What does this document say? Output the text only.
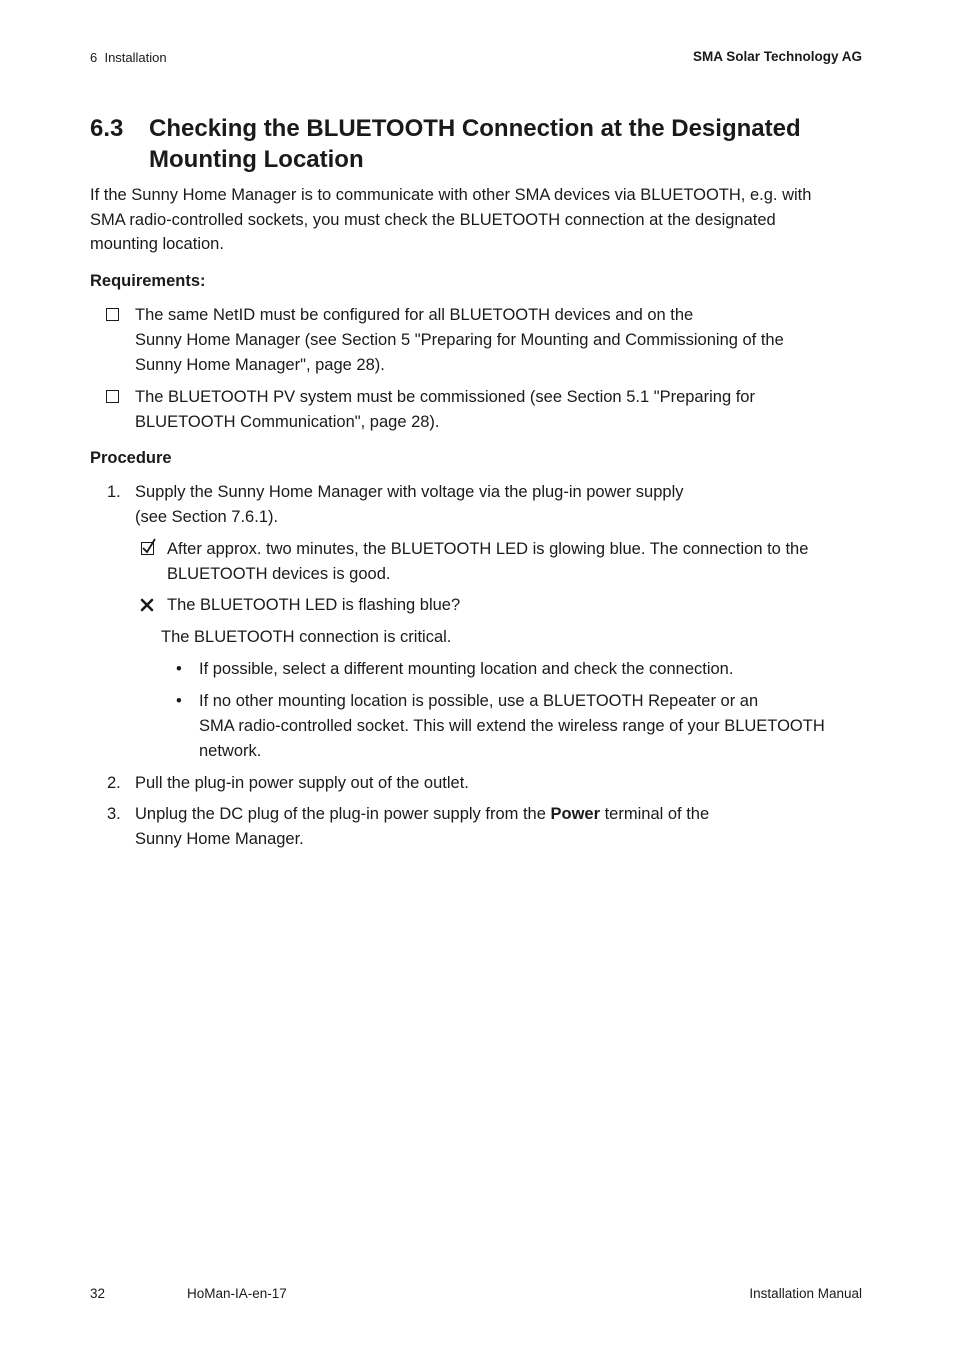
6  Installation	SMA Solar Technology AG
6.3 Checking the BLUETOOTH Connection at the Designated
Mounting Location
If the Sunny Home Manager is to communicate with other SMA devices via BLUETOOTH, e.g. with
SMA radio-controlled sockets, you must check the BLUETOOTH connection at the designated
mounting location.
Requirements:
The same NetID must be configured for all BLUETOOTH devices and on the
Sunny Home Manager (see Section 5 "Preparing for Mounting and Commissioning of the
Sunny Home Manager", page 28).
The BLUETOOTH PV system must be commissioned (see Section 5.1 "Preparing for
BLUETOOTH Communication", page 28).
Procedure
1. Supply the Sunny Home Manager with voltage via the plug-in power supply
(see Section 7.6.1).
After approx. two minutes, the BLUETOOTH LED is glowing blue. The connection to the
BLUETOOTH devices is good.
The BLUETOOTH LED is flashing blue?
The BLUETOOTH connection is critical.
• If possible, select a different mounting location and check the connection.
• If no other mounting location is possible, use a BLUETOOTH Repeater or an
SMA radio-controlled socket. This will extend the wireless range of your BLUETOOTH
network.
2. Pull the plug-in power supply out of the outlet.
3. Unplug the DC plug of the plug-in power supply from the Power terminal of the
Sunny Home Manager.
32	HoMan-IA-en-17	Installation Manual
